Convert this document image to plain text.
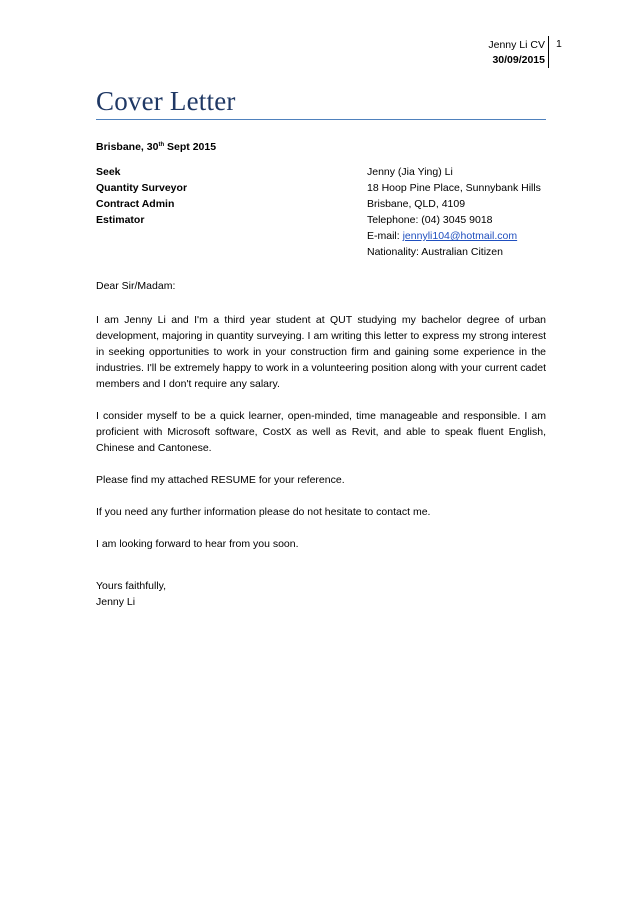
Jenny Li CV
30/09/2015
1
Cover Letter
Brisbane, 30th Sept 2015
Seek
Quantity Surveyor
Contract Admin
Estimator
Jenny (Jia Ying) Li
18 Hoop Pine Place, Sunnybank Hills
Brisbane, QLD, 4109
Telephone: (04) 3045 9018
E-mail: jennyli104@hotmail.com
Nationality: Australian Citizen

Dear Sir/Madam:

I am Jenny Li and I'm a third year student at QUT studying my bachelor degree of urban development, majoring in quantity surveying. I am writing this letter to express my strong interest in seeking opportunities to work in your construction firm and gaining some experience in the industries. I'll be extremely happy to work in a volunteering position along with your current cadet members and I don't require any salary.

I consider myself to be a quick learner, open-minded, time manageable and responsible. I am proficient with Microsoft software, CostX as well as Revit, and able to speak fluent English, Chinese and Cantonese.

Please find my attached RESUME for your reference.

If you need any further information please do not hesitate to contact me.

I am looking forward to hear from you soon.

Yours faithfully,

Jenny Li
